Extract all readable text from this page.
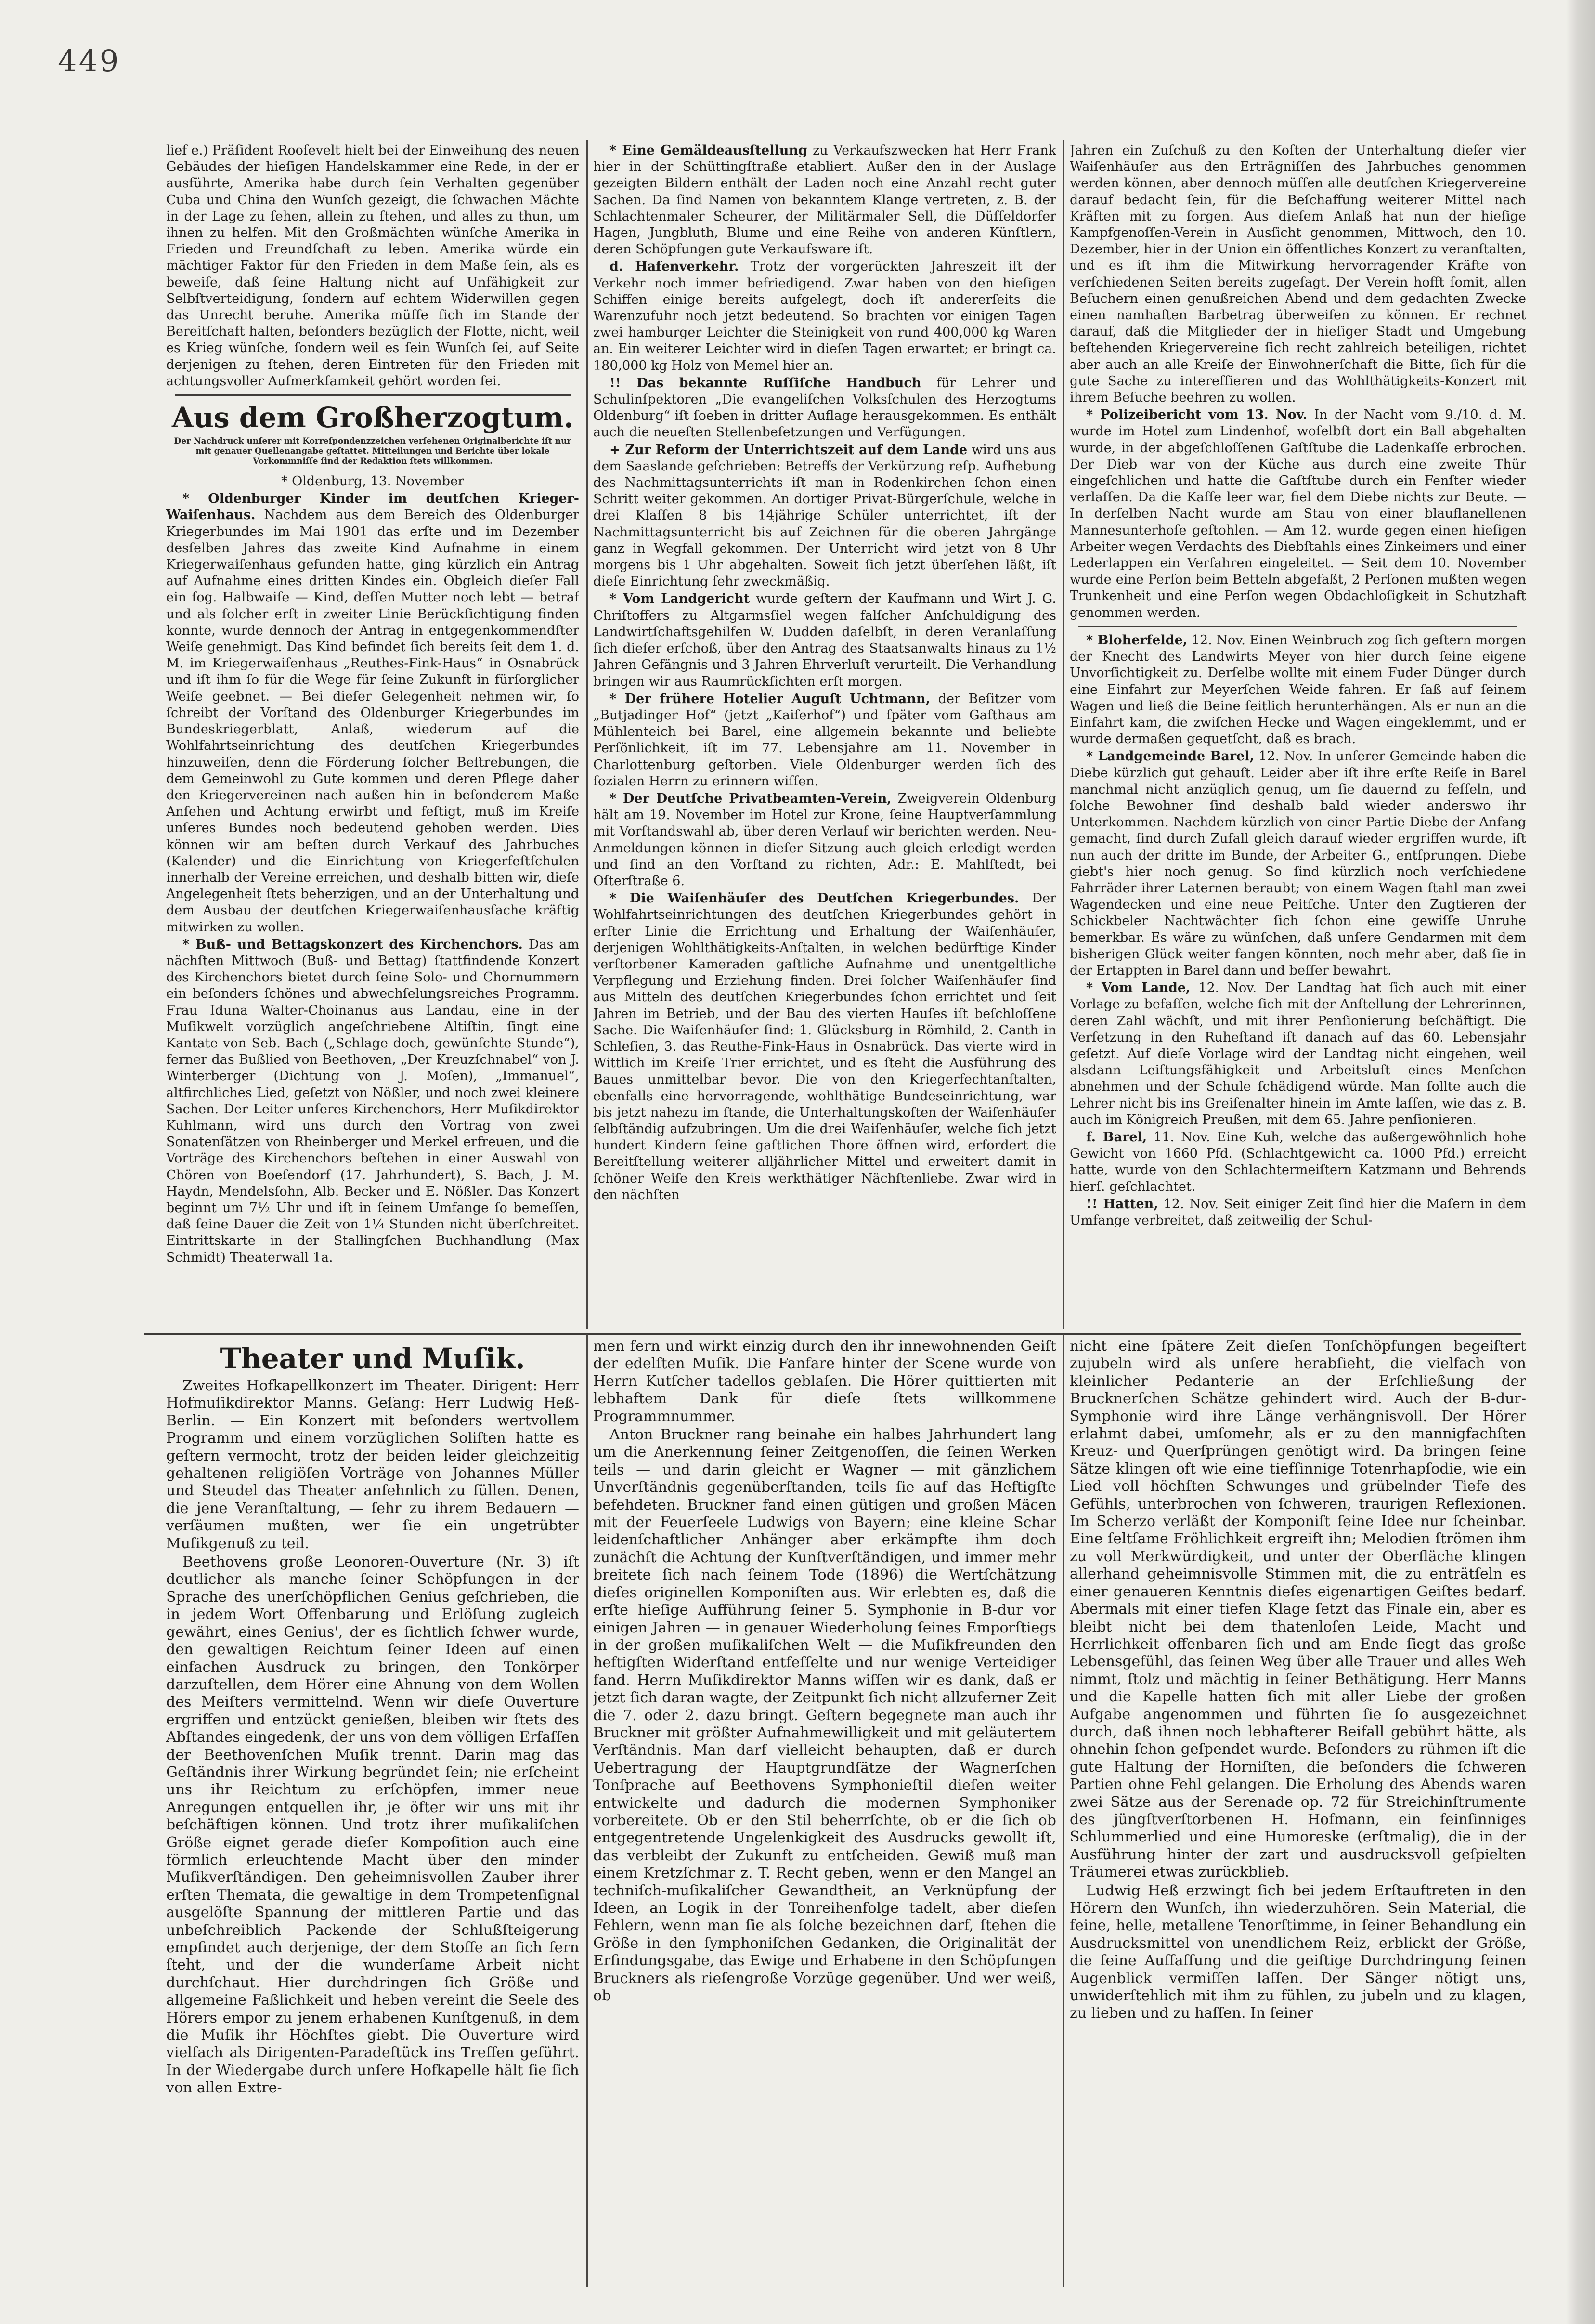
449

lief e.) Präſident Rooſevelt hielt bei der Einweihung des neuen Gebäudes der hieſigen Handelskammer eine Rede, in der er ausführte, Amerika habe durch ſein Verhalten gegenüber Cuba und China den Wunſch gezeigt, die ſchwachen Mächte in der Lage zu ſehen, allein zu ſtehen, und alles zu thun, um ihnen zu helfen. Mit den Großmächten wünſche Amerika in Frieden und Freundſchaft zu leben. Amerika würde ein mächtiger Faktor für den Frieden in dem Maße ſein, als es beweiſe, daß ſeine Haltung nicht auf Unfähigkeit zur Selbſtverteidigung, ſondern auf echtem Widerwillen gegen das Unrecht beruhe. Amerika müſſe ſich im Stande der Bereitſchaft halten, beſonders bezüglich der Flotte, nicht, weil es Krieg wünſche, ſondern weil es ſein Wunſch ſei, auf Seite derjenigen zu ſtehen, deren Eintreten für den Frieden mit achtungsvoller Aufmerkſamkeit gehört worden ſei.

Aus dem Großherzogtum.
Der Nachdruck unſerer mit Korreſpondenzzeichen verſehenen Originalberichte iſt nur mit genauer Quellenangabe geſtattet. Mitteilungen und Berichte über lokale Vorkommniſſe ſind der Redaktion ſtets willkommen.

* Oldenburg, 13. November

* Oldenburger Kinder im deutſchen Krieger-Waiſenhaus. Nachdem aus dem Bereich des Oldenburger Kriegerbundes im Mai 1901 das erſte und im Dezember desſelben Jahres das zweite Kind Aufnahme in einem Kriegerwaiſenhaus gefunden hatte, ging kürzlich ein Antrag auf Aufnahme eines dritten Kindes ein. Obgleich dieſer Fall ein ſog. Halbwaiſe — Kind, deſſen Mutter noch lebt — betraf und als ſolcher erſt in zweiter Linie Berückſichtigung finden konnte, wurde dennoch der Antrag in entgegenkommendſter Weiſe genehmigt. Das Kind befindet ſich bereits ſeit dem 1. d. M. im Kriegerwaiſenhaus „Reuthes-Fink-Haus“ in Osnabrück und iſt ihm ſo für die Wege für ſeine Zukunft in fürſorglicher Weiſe geebnet. — Bei dieſer Gelegenheit nehmen wir, ſo ſchreibt der Vorſtand des Oldenburger Kriegerbundes im Bundeskriegerblatt, Anlaß, wiederum auf die Wohlfahrtseinrichtung des deutſchen Kriegerbundes hinzuweiſen, denn die Förderung ſolcher Beſtrebungen, die dem Gemeinwohl zu Gute kommen und deren Pflege daher den Kriegervereinen nach außen hin in beſonderem Maße Anſehen und Achtung erwirbt und feſtigt, muß im Kreiſe unſeres Bundes noch bedeutend gehoben werden. Dies können wir am beſten durch Verkauf des Jahrbuches (Kalender) und die Einrichtung von Kriegerfeſtſchulen innerhalb der Vereine erreichen, und deshalb bitten wir, dieſe Angelegenheit ſtets beherzigen, und an der Unterhaltung und dem Ausbau der deutſchen Kriegerwaiſenhausſache kräftig mitwirken zu wollen.

* Buß- und Bettagskonzert des Kirchenchors. Das am nächſten Mittwoch (Buß- und Bettag) ſtattfindende Konzert des Kirchenchors bietet durch ſeine Solo- und Chornummern ein beſonders ſchönes und abwechſelungsreiches Programm. Frau Iduna Walter-Choinanus aus Landau, eine in der Muſikwelt vorzüglich angeſchriebene Altiſtin, ſingt eine Kantate von Seb. Bach („Schlage doch, gewünſchte Stunde“), ferner das Bußlied von Beethoven, „Der Kreuzſchnabel“ von J. Winterberger (Dichtung von J. Moſen), „Immanuel“, altfirchliches Lied, geſetzt von Nößler, und noch zwei kleinere Sachen. Der Leiter unſeres Kirchenchors, Herr Muſikdirektor Kuhlmann, wird uns durch den Vortrag von zwei Sonatenſätzen von Rheinberger und Merkel erfreuen, und die Vorträge des Kirchenchors beſtehen in einer Auswahl von Chören von Boeſendorf (17. Jahrhundert), S. Bach, J. M. Haydn, Mendelsſohn, Alb. Becker und E. Nößler. Das Konzert beginnt um 7½ Uhr und iſt in ſeinem Umfange ſo bemeſſen, daß ſeine Dauer die Zeit von 1¼ Stunden nicht überſchreitet. Eintrittskarte in der Stallingſchen Buchhandlung (Max Schmidt) Theaterwall 1a.

* Eine Gemäldeausſtellung zu Verkaufszwecken hat Herr Frank hier in der Schüttingſtraße etabliert. Außer den in der Auslage gezeigten Bildern enthält der Laden noch eine Anzahl recht guter Sachen. Da ſind Namen von bekanntem Klange vertreten, z. B. der Schlachtenmaler Scheurer, der Militärmaler Sell, die Düſſeldorfer Hagen, Jungbluth, Blume und eine Reihe von anderen Künſtlern, deren Schöpfungen gute Verkaufsware iſt.

d. Hafenverkehr. Trotz der vorgerückten Jahreszeit iſt der Verkehr noch immer befriedigend. Zwar haben von den hieſigen Schiffen einige bereits aufgelegt, doch iſt andererſeits die Warenzufuhr noch jetzt bedeutend. So brachten vor einigen Tagen zwei hamburger Leichter die Steinigkeit von rund 400,000 kg Waren an. Ein weiterer Leichter wird in dieſen Tagen erwartet; er bringt ca. 180,000 kg Holz von Memel hier an.

!! Das bekannte Ruſſiſche Handbuch für Lehrer und Schulinſpektoren „Die evangeliſchen Volksſchulen des Herzogtums Oldenburg“ iſt ſoeben in dritter Auflage herausgekommen. Es enthält auch die neueſten Stellenbeſetzungen und Verfügungen.

+ Zur Reform der Unterrichtszeit auf dem Lande wird uns aus dem Saaslande geſchrieben: Betreffs der Verkürzung reſp. Aufhebung des Nachmittagsunterrichts iſt man in Rodenkirchen ſchon einen Schritt weiter gekommen. An dortiger Privat-Bürgerſchule, welche in drei Klaſſen 8 bis 14jährige Schüler unterrichtet, iſt der Nachmittagsunterricht bis auf Zeichnen für die oberen Jahrgänge ganz in Wegfall gekommen. Der Unterricht wird jetzt von 8 Uhr morgens bis 1 Uhr abgehalten. Soweit ſich jetzt überſehen läßt, iſt dieſe Einrichtung ſehr zweckmäßig.

* Vom Landgericht wurde geſtern der Kaufmann und Wirt J. G. Chriſtoffers zu Altgarmsſiel wegen falſcher Anſchuldigung des Landwirtſchaftsgehilfen W. Dudden daſelbſt, in deren Veranlaſſung ſich dieſer erſchoß, über den Antrag des Staatsanwalts hinaus zu 1½ Jahren Gefängnis und 3 Jahren Ehrverluſt verurteilt. Die Verhandlung bringen wir aus Raumrückſichten erſt morgen.

* Der frühere Hotelier Auguſt Uchtmann, der Beſitzer vom „Butjadinger Hof“ (jetzt „Kaiſerhof“) und ſpäter vom Gaſthaus am Mühlenteich bei Barel, eine allgemein bekannte und beliebte Perſönlichkeit, iſt im 77. Lebensjahre am 11. November in Charlottenburg geſtorben. Viele Oldenburger werden ſich des ſozialen Herrn zu erinnern wiſſen.

* Der Deutſche Privatbeamten-Verein, Zweigverein Oldenburg hält am 19. November im Hotel zur Krone, ſeine Hauptverſammlung mit Vorſtandswahl ab, über deren Verlauf wir berichten werden. Neu-Anmeldungen können in dieſer Sitzung auch gleich erledigt werden und ſind an den Vorſtand zu richten, Adr.: E. Mahlſtedt, bei Oſterſtraße 6.

* Die Waiſenhäuſer des Deutſchen Kriegerbundes. Der Wohlfahrtseinrichtungen des deutſchen Kriegerbundes gehört in erſter Linie die Errichtung und Erhaltung der Waiſenhäuſer, derjenigen Wohlthätigkeits-Anſtalten, in welchen bedürftige Kinder verſtorbener Kameraden gaſtliche Aufnahme und unentgeltliche Verpflegung und Erziehung finden. Drei ſolcher Waiſenhäuſer ſind aus Mitteln des deutſchen Kriegerbundes ſchon errichtet und ſeit Jahren im Betrieb, und der Bau des vierten Hauſes iſt beſchloſſene Sache. Die Waiſenhäuſer ſind: 1. Glücksburg in Römhild, 2. Canth in Schleſien, 3. das Reuthe-Fink-Haus in Osnabrück. Das vierte wird in Wittlich im Kreiſe Trier errichtet, und es ſteht die Ausführung des Baues unmittelbar bevor. Die von den Kriegerfechtanſtalten, ebenfalls eine hervorragende, wohlthätige Bundeseinrichtung, war bis jetzt nahezu im ſtande, die Unterhaltungskoſten der Waiſenhäuſer ſelbſtändig aufzubringen. Um die drei Waiſenhäuſer, welche ſich jetzt hundert Kindern ſeine gaſtlichen Thore öffnen wird, erfordert die Bereitſtellung weiterer alljährlicher Mittel und erweitert damit in ſchöner Weiſe den Kreis werkthätiger Nächſtenliebe. Zwar wird in den nächſten

Jahren ein Zuſchuß zu den Koſten der Unterhaltung dieſer vier Waiſenhäuſer aus den Erträgniſſen des Jahrbuches genommen werden können, aber dennoch müſſen alle deutſchen Kriegervereine darauf bedacht ſein, für die Beſchaffung weiterer Mittel nach Kräften mit zu ſorgen. Aus dieſem Anlaß hat nun der hieſige Kampfgenoſſen-Verein in Ausſicht genommen, Mittwoch, den 10. Dezember, hier in der Union ein öffentliches Konzert zu veranſtalten, und es iſt ihm die Mitwirkung hervorragender Kräfte von verſchiedenen Seiten bereits zugeſagt. Der Verein hofft ſomit, allen Beſuchern einen genußreichen Abend und dem gedachten Zwecke einen namhaften Barbetrag überweiſen zu können. Er rechnet darauf, daß die Mitglieder der in hieſiger Stadt und Umgebung beſtehenden Kriegervereine ſich recht zahlreich beteiligen, richtet aber auch an alle Kreiſe der Einwohnerſchaft die Bitte, ſich für die gute Sache zu intereſſieren und das Wohlthätigkeits-Konzert mit ihrem Beſuche beehren zu wollen.

* Polizeibericht vom 13. Nov. In der Nacht vom 9./10. d. M. wurde im Hotel zum Lindenhof, woſelbſt dort ein Ball abgehalten wurde, in der abgeſchloſſenen Gaſtſtube die Ladenkaſſe erbrochen. Der Dieb war von der Küche aus durch eine zweite Thür eingeſchlichen und hatte die Gaſtſtube durch ein Fenſter wieder verlaſſen. Da die Kaſſe leer war, fiel dem Diebe nichts zur Beute. — In derſelben Nacht wurde am Stau von einer blauflanellenen Mannesunterhoſe geſtohlen. — Am 12. wurde gegen einen hieſigen Arbeiter wegen Verdachts des Diebſtahls eines Zinkeimers und einer Lederlappen ein Verfahren eingeleitet. — Seit dem 10. November wurde eine Perſon beim Betteln abgefaßt, 2 Perſonen mußten wegen Trunkenheit und eine Perſon wegen Obdachloſigkeit in Schutzhaft genommen werden.

* Bloherfelde, 12. Nov. Einen Weinbruch zog ſich geſtern morgen der Knecht des Landwirts Meyer von hier durch ſeine eigene Unvorſichtigkeit zu. Derſelbe wollte mit einem Fuder Dünger durch eine Einfahrt zur Meyerſchen Weide fahren. Er ſaß auf ſeinem Wagen und ließ die Beine ſeitlich herunterhängen. Als er nun an die Einfahrt kam, die zwiſchen Hecke und Wagen eingeklemmt, und er wurde dermaßen gequetſcht, daß es brach.

* Landgemeinde Barel, 12. Nov. In unſerer Gemeinde haben die Diebe kürzlich gut gehauſt. Leider aber iſt ihre erſte Reiſe in Barel manchmal nicht anzüglich genug, um ſie dauernd zu feſſeln, und ſolche Bewohner ſind deshalb bald wieder anderswo ihr Unterkommen. Nachdem kürzlich von einer Partie Diebe der Anfang gemacht, ſind durch Zufall gleich darauf wieder ergriffen wurde, iſt nun auch der dritte im Bunde, der Arbeiter G., entſprungen. Diebe giebt's hier noch genug. So ſind kürzlich noch verſchiedene Fahrräder ihrer Laternen beraubt; von einem Wagen ſtahl man zwei Wagendecken und eine neue Peitſche. Unter den Zugtieren der Schickbeler Nachtwächter ſich ſchon eine gewiſſe Unruhe bemerkbar. Es wäre zu wünſchen, daß unſere Gendarmen mit dem bisherigen Glück weiter fangen könnten, noch mehr aber, daß ſie in der Ertappten in Barel dann und beſſer bewahrt.

* Vom Lande, 12. Nov. Der Landtag hat ſich auch mit einer Vorlage zu befaſſen, welche ſich mit der Anſtellung der Lehrerinnen, deren Zahl wächſt, und mit ihrer Penſionierung beſchäftigt. Die Verſetzung in den Ruheſtand iſt danach auf das 60. Lebensjahr geſetzt. Auf dieſe Vorlage wird der Landtag nicht eingehen, weil alsdann Leiſtungsfähigkeit und Arbeitsluſt eines Menſchen abnehmen und der Schule ſchädigend würde. Man ſollte auch die Lehrer nicht bis ins Greiſenalter hinein im Amte laſſen, wie das z. B. auch im Königreich Preußen, mit dem 65. Jahre penſionieren.

f. Barel, 11. Nov. Eine Kuh, welche das außergewöhnlich hohe Gewicht von 1660 Pfd. (Schlachtgewicht ca. 1000 Pfd.) erreicht hatte, wurde von den Schlachtermeiſtern Katzmann und Behrends hierſ. geſchlachtet.

!! Hatten, 12. Nov. Seit einiger Zeit ſind hier die Maſern in dem Umfange verbreitet, daß zeitweilig der Schul-

Theater und Muſik.

Zweites Hofkapellkonzert im Theater. Dirigent: Herr Hofmuſikdirektor Manns. Geſang: Herr Ludwig Heß-Berlin. — Ein Konzert mit beſonders wertvollem Programm und einem vorzüglichen Soliſten hatte es geſtern vermocht, trotz der beiden leider gleichzeitig gehaltenen religiöſen Vorträge von Johannes Müller und Steudel das Theater anſehnlich zu füllen. Denen, die jene Veranſtaltung, — ſehr zu ihrem Bedauern — verſäumen mußten, wer ſie ein ungetrübter Muſikgenuß zu teil.

Beethovens große Leonoren-Ouverture (Nr. 3) iſt deutlicher als manche ſeiner Schöpfungen in der Sprache des unerſchöpflichen Genius geſchrieben, die in jedem Wort Offenbarung und Erlöſung zugleich gewährt, eines Genius', der es ſichtlich ſchwer wurde, den gewaltigen Reichtum ſeiner Ideen auf einen einfachen Ausdruck zu bringen, den Tonkörper darzuſtellen, dem Hörer eine Ahnung von dem Wollen des Meiſters vermittelnd. Wenn wir dieſe Ouverture ergriffen und entzückt genießen, bleiben wir ſtets des Abſtandes eingedenk, der uns von dem völligen Erfaſſen der Beethovenſchen Muſik trennt. Darin mag das Geſtändnis ihrer Wirkung begründet ſein; nie erſcheint uns ihr Reichtum zu erſchöpfen, immer neue Anregungen entquellen ihr, je öfter wir uns mit ihr beſchäftigen können. Und trotz ihrer muſikaliſchen Größe eignet gerade dieſer Kompoſition auch eine förmlich erleuchtende Macht über den minder Muſikverſtändigen. Den geheimnisvollen Zauber ihrer erſten Themata, die gewaltige in dem Trompetenſignal ausgelöſte Spannung der mittleren Partie und das unbeſchreiblich Packende der Schlußſteigerung empfindet auch derjenige, der dem Stoffe an ſich fern ſteht, und der die wunderſame Arbeit nicht durchſchaut. Hier durchdringen ſich Größe und allgemeine Faßlichkeit und heben vereint die Seele des Hörers empor zu jenem erhabenen Kunſtgenuß, in dem die Muſik ihr Höchſtes giebt. Die Ouverture wird vielfach als Dirigenten-Paradeſtück ins Treffen geführt. In der Wiedergabe durch unſere Hofkapelle hält ſie ſich von allen Extre-

men fern und wirkt einzig durch den ihr innewohnenden Geiſt der edelſten Muſik. Die Fanfare hinter der Scene wurde von Herrn Kutſcher tadellos geblaſen. Die Hörer quittierten mit lebhaftem Dank für dieſe ſtets willkommene Programmnummer.

Anton Bruckner rang beinahe ein halbes Jahrhundert lang um die Anerkennung ſeiner Zeitgenoſſen, die ſeinen Werken teils — und darin gleicht er Wagner — mit gänzlichem Unverſtändnis gegenüberſtanden, teils ſie auf das Heftigſte befehdeten. Bruckner fand einen gütigen und großen Mäcen mit der Feuerſeele Ludwigs von Bayern; eine kleine Schar leidenſchaftlicher Anhänger aber erkämpfte ihm doch zunächſt die Achtung der Kunſtverſtändigen, und immer mehr breitete ſich nach ſeinem Tode (1896) die Wertſchätzung dieſes originellen Komponiſten aus. Wir erlebten es, daß die erſte hieſige Aufführung ſeiner 5. Symphonie in B-dur vor einigen Jahren — in genauer Wiederholung ſeines Emporſtiegs in der großen muſikaliſchen Welt — die Muſikfreunden den heftigſten Widerſtand entfeſſelte und nur wenige Verteidiger fand. Herrn Muſikdirektor Manns wiſſen wir es dank, daß er jetzt ſich daran wagte, der Zeitpunkt ſich nicht allzuferner Zeit die 7. oder 2. dazu bringt. Geſtern begegnete man auch ihr Bruckner mit größter Aufnahmewilligkeit und mit geläutertem Verſtändnis. Man darf vielleicht behaupten, daß er durch Uebertragung der Hauptgrundſätze der Wagnerſchen Tonſprache auf Beethovens Symphonieſtil dieſen weiter entwickelte und dadurch die modernen Symphoniker vorbereitete. Ob er den Stil beherrſchte, ob er die ſich ob entgegentretende Ungelenkigkeit des Ausdrucks gewollt iſt, das verbleibt der Zukunft zu entſcheiden. Gewiß muß man einem Kretzſchmar z. T. Recht geben, wenn er den Mangel an techniſch-muſikaliſcher Gewandtheit, an Verknüpfung der Ideen, an Logik in der Tonreihenfolge tadelt, aber dieſen Fehlern, wenn man ſie als ſolche bezeichnen darf, ſtehen die Größe in den ſymphoniſchen Gedanken, die Originalität der Erfindungsgabe, das Ewige und Erhabene in den Schöpfungen Bruckners als rieſengroße Vorzüge gegenüber. Und wer weiß, ob

nicht eine ſpätere Zeit dieſen Tonſchöpfungen begeiſtert zujubeln wird als unſere herabſieht, die vielfach von kleinlicher Pedanterie an der Erſchließung der Brucknerſchen Schätze gehindert wird. Auch der B-dur-Symphonie wird ihre Länge verhängnisvoll. Der Hörer erlahmt dabei, umſomehr, als er zu den mannigfachſten Kreuz- und Querſprüngen genötigt wird. Da bringen ſeine Sätze klingen oft wie eine tiefſinnige Totenrhapſodie, wie ein Lied voll höchſten Schwunges und grübelnder Tiefe des Gefühls, unterbrochen von ſchweren, traurigen Reflexionen. Im Scherzo verläßt der Komponiſt ſeine Idee nur ſcheinbar. Eine ſeltſame Fröhlichkeit ergreift ihn; Melodien ſtrömen ihm zu voll Merkwürdigkeit, und unter der Oberfläche klingen allerhand geheimnisvolle Stimmen mit, die zu enträtſeln es einer genaueren Kenntnis dieſes eigenartigen Geiſtes bedarf. Abermals mit einer tiefen Klage ſetzt das Finale ein, aber es bleibt nicht bei dem thatenloſen Leide, Macht und Herrlichkeit offenbaren ſich und am Ende ſiegt das große Lebensgefühl, das ſeinen Weg über alle Trauer und alles Weh nimmt, ſtolz und mächtig in ſeiner Bethätigung. Herr Manns und die Kapelle hatten ſich mit aller Liebe der großen Aufgabe angenommen und führten ſie ſo ausgezeichnet durch, daß ihnen noch lebhafterer Beifall gebührt hätte, als ohnehin ſchon geſpendet wurde. Beſonders zu rühmen iſt die gute Haltung der Horniſten, die beſonders die ſchweren Partien ohne Fehl gelangen. Die Erholung des Abends waren zwei Sätze aus der Serenade op. 72 für Streichinſtrumente des jüngſtverſtorbenen H. Hofmann, ein feinſinniges Schlummerlied und eine Humoreske (erſtmalig), die in der Ausführung hinter der zart und ausdrucksvoll geſpielten Träumerei etwas zurückblieb.

Ludwig Heß erzwingt ſich bei jedem Erſtauftreten in den Hörern den Wunſch, ihn wiederzuhören. Sein Material, die feine, helle, metallene Tenorſtimme, in ſeiner Behandlung ein Ausdrucksmittel von unendlichem Reiz, erblickt der Größe, die feine Auffaſſung und die geiſtige Durchdringung ſeinen Augenblick vermiſſen laſſen. Der Sänger nötigt uns, unwiderſtehlich mit ihm zu fühlen, zu jubeln und zu klagen, zu lieben und zu haſſen. In ſeiner
